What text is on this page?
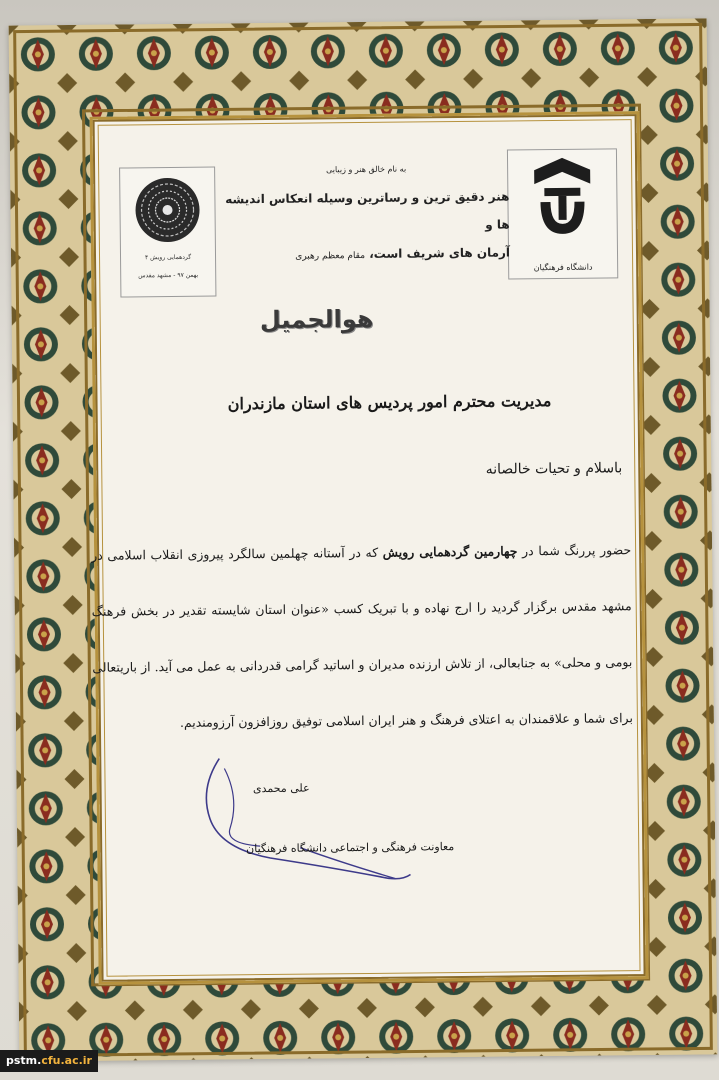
دانشگاه فرهنگیان
گردهمایی رویش ۴
بهمن ۹۷ - مشهد مقدس
به نام خالق هنر و زیبایی
هنر دقیق ترین و رساترین وسیله انعکاس اندیشه ها و
آرمان های شریف است، مقام معظم رهبری
هوالجميل
مدیریت محترم امور پردیس های استان مازندران
باسلام و تحیات خالصانه
حضور پررنگ شما در چهارمین گردهمایی رویش که در آستانه چهلمین سالگرد پیروزی انقلاب اسلامی در مشهد مقدس برگزار گردید را ارج نهاده و با تبریک کسب «عنوان استان شایسته تقدیر در بخش فرهنگ بومی و محلی» به جنابعالی، از تلاش ارزنده مدیران و اساتید گرامی قدردانی به عمل می آید. از باریتعالی برای شما و علاقمندان به اعتلای فرهنگ و هنر ایران اسلامی توفیق روزافزون آرزومندیم.
علی محمدی
معاونت فرهنگی و اجتماعی دانشگاه فرهنگیان
pstm.cfu.ac.ir
